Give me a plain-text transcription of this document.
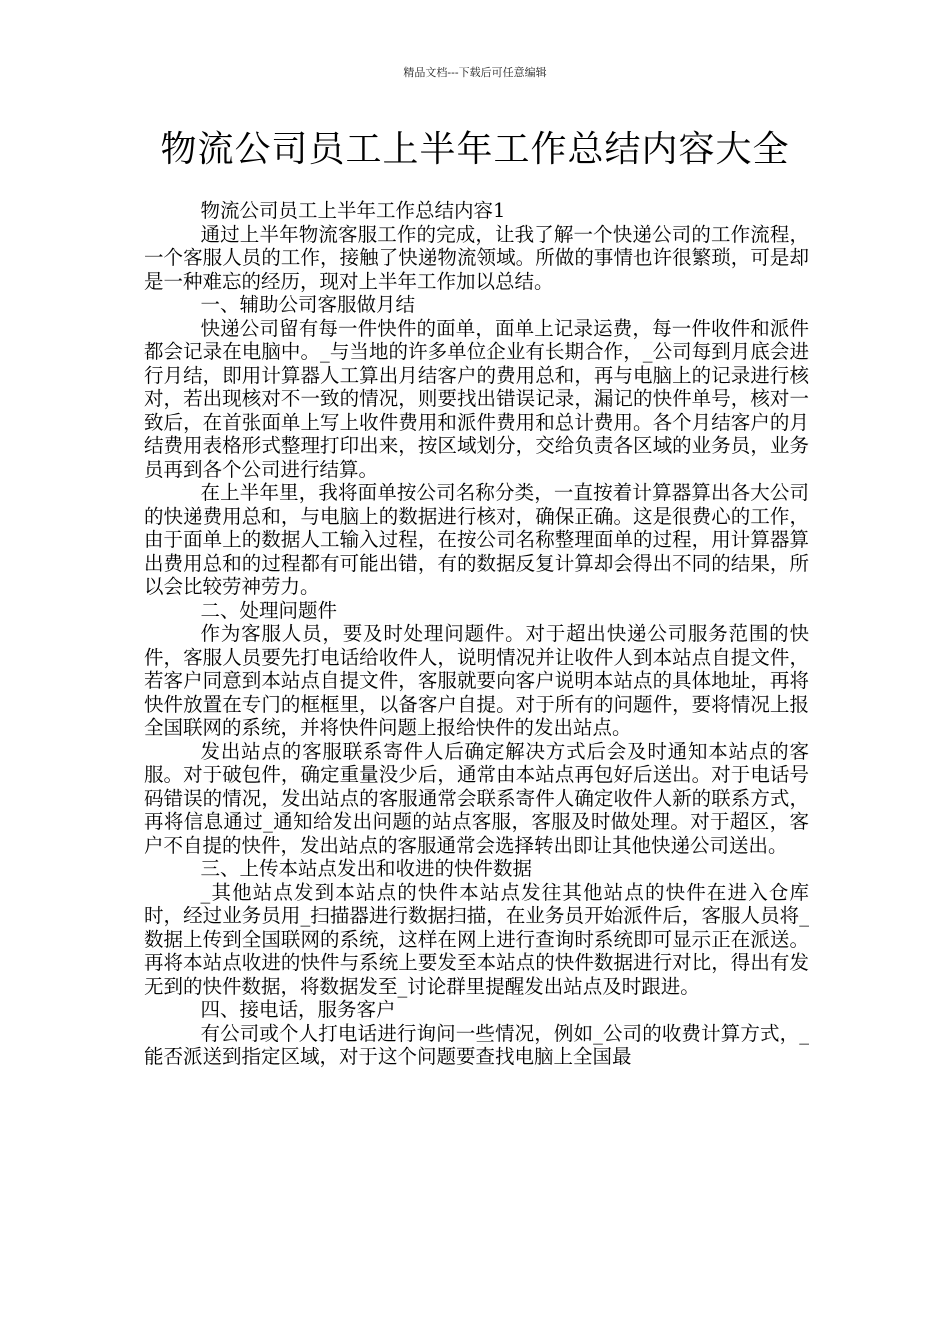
精品文档---下载后可任意编辑
物流公司员工上半年工作总结内容大全

物流公司员工上半年工作总结内容1

通过上半年物流客服工作的完成，让我了解一个快递公司的工作流程，一个客服人员的工作，接触了快递物流领域。所做的事情也许很繁琐，可是却是一种难忘的经历，现对上半年工作加以总结。

一、辅助公司客服做月结

快递公司留有每一件快件的面单，面单上记录运费，每一件收件和派件都会记录在电脑中。_与当地的许多单位企业有长期合作，_公司每到月底会进行月结，即用计算器人工算出月结客户的费用总和，再与电脑上的记录进行核对，若出现核对不一致的情况，则要找出错误记录，漏记的快件单号，核对一致后，在首张面单上写上收件费用和派件费用和总计费用。各个月结客户的月结费用表格形式整理打印出来，按区域划分，交给负责各区域的业务员，业务员再到各个公司进行结算。

在上半年里，我将面单按公司名称分类，一直按着计算器算出各大公司的快递费用总和，与电脑上的数据进行核对，确保正确。这是很费心的工作，由于面单上的数据人工输入过程，在按公司名称整理面单的过程，用计算器算出费用总和的过程都有可能出错，有的数据反复计算却会得出不同的结果，所以会比较劳神劳力。

二、处理问题件

作为客服人员，要及时处理问题件。对于超出快递公司服务范围的快件，客服人员要先打电话给收件人，说明情况并让收件人到本站点自提文件，若客户同意到本站点自提文件，客服就要向客户说明本站点的具体地址，再将快件放置在专门的框框里，以备客户自提。对于所有的问题件，要将情况上报全国联网的系统，并将快件问题上报给快件的发出站点。

发出站点的客服联系寄件人后确定解决方式后会及时通知本站点的客服。对于破包件，确定重量没少后，通常由本站点再包好后送出。对于电话号码错误的情况，发出站点的客服通常会联系寄件人确定收件人新的联系方式，再将信息通过_通知给发出问题的站点客服，客服及时做处理。对于超区，客户不自提的快件，发出站点的客服通常会选择转出即让其他快递公司送出。

三、上传本站点发出和收进的快件数据

_其他站点发到本站点的快件本站点发往其他站点的快件在进入仓库时，经过业务员用_扫描器进行数据扫描，在业务员开始派件后，客服人员将_数据上传到全国联网的系统，这样在网上进行查询时系统即可显示正在派送。再将本站点收进的快件与系统上要发至本站点的快件数据进行对比，得出有发无到的快件数据，将数据发至_讨论群里提醒发出站点及时跟进。

四、接电话，服务客户

有公司或个人打电话进行询问一些情况，例如_公司的收费计算方式，_能否派送到指定区域，对于这个问题要查找电脑上全国最
